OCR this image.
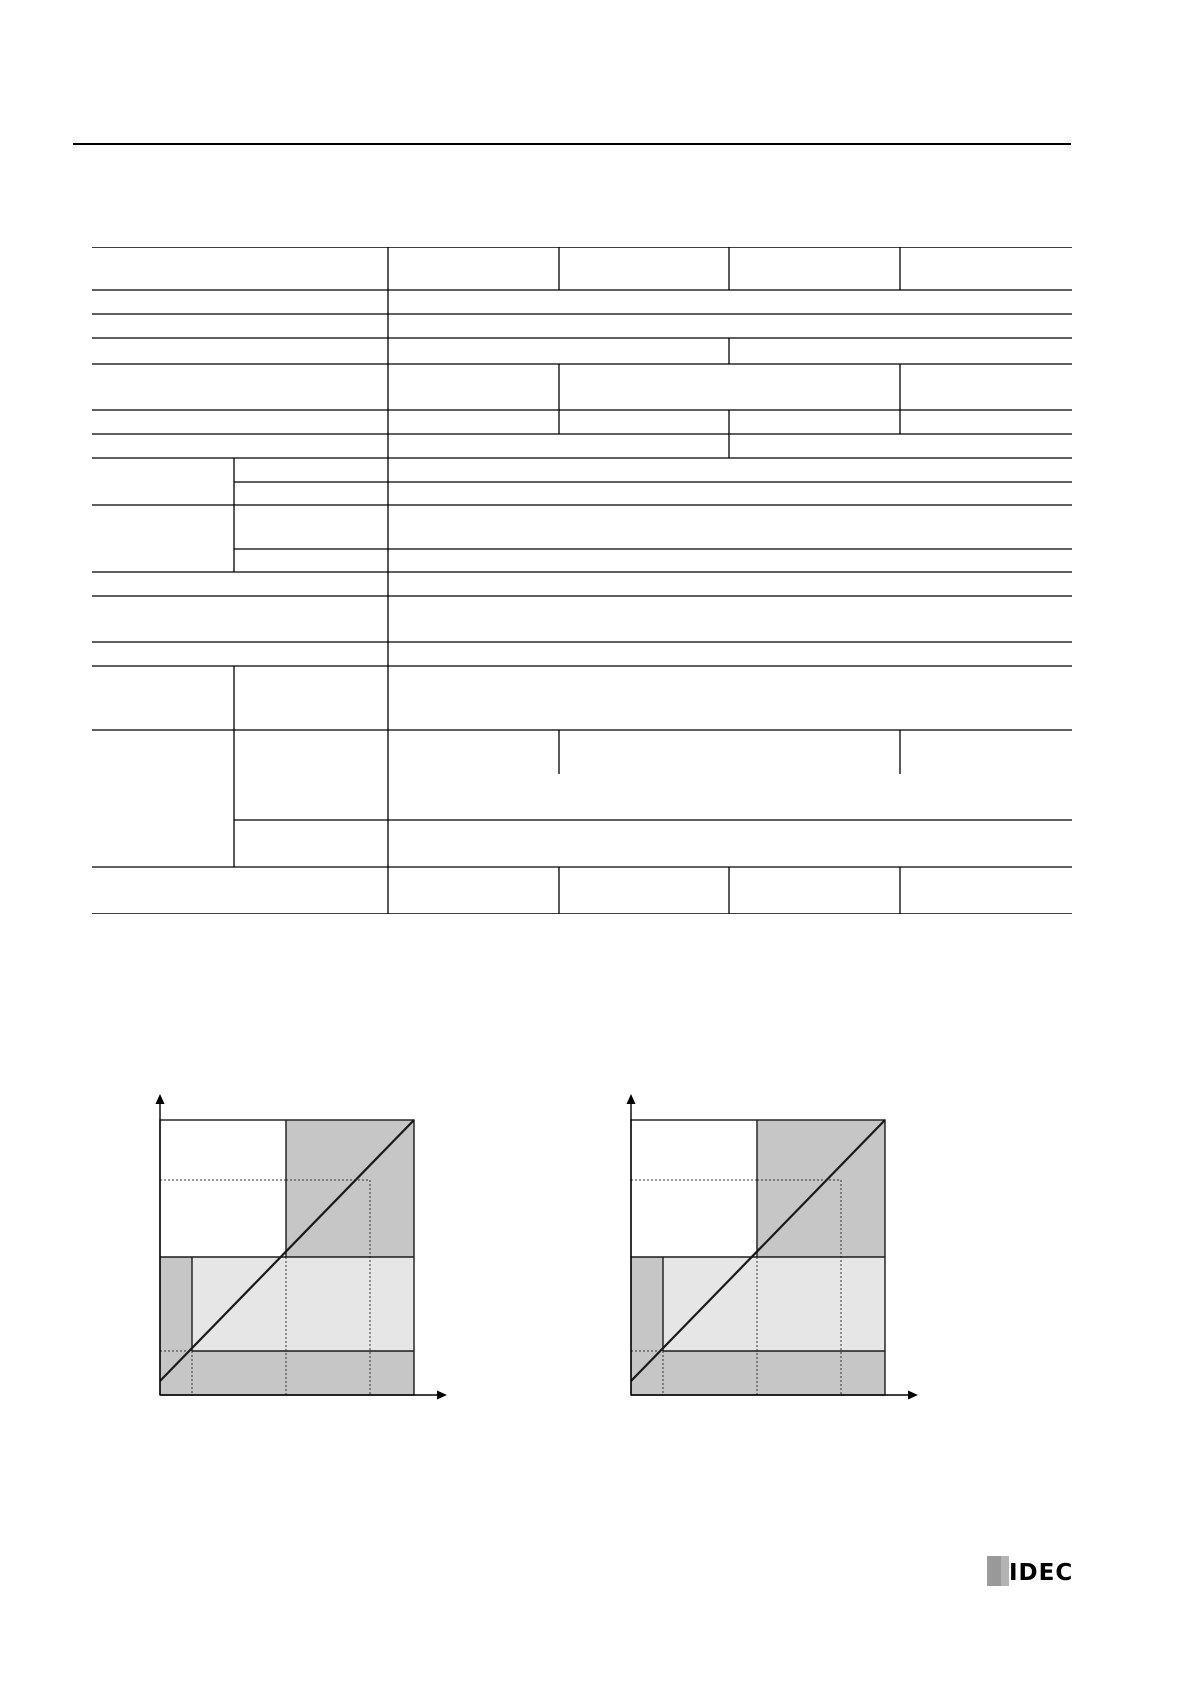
IDEC
